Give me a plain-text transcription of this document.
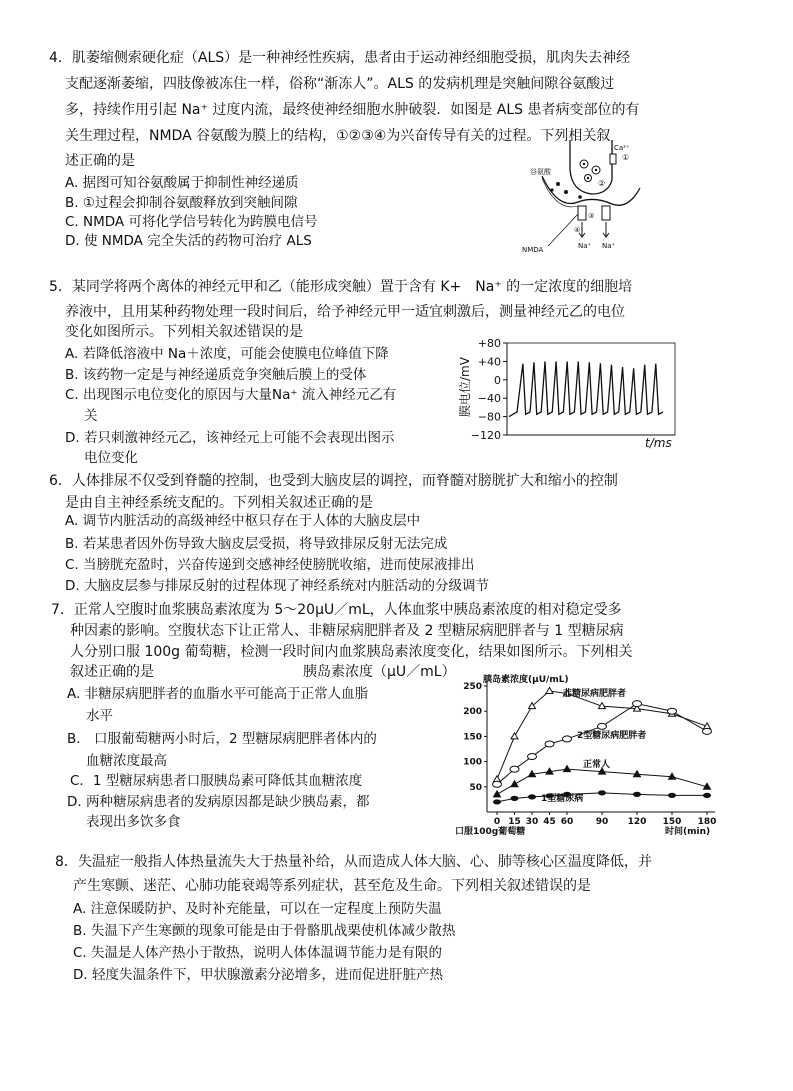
4．肌萎缩侧索硬化症（ALS）是一种神经性疾病，患者由于运动神经细胞受损，肌肉失去神经
支配逐渐萎缩，四肢像被冻住一样，俗称“渐冻人”。ALS 的发病机理是突触间隙谷氨酸过
多，持续作用引起 Na⁺ 过度内流，最终使神经细胞水肿破裂．如图是 ALS 患者病变部位的有
关生理过程，NMDA 谷氨酸为膜上的结构，①②③④为兴奋传导有关的过程。下列相关叙
述正确的是
A. 据图可知谷氨酸属于抑制性神经递质
B. ①过程会抑制谷氨酸释放到突触间隙
C. NMDA 可将化学信号转化为跨膜电信号
D. 使 NMDA 完全失活的药物可治疗 ALS
谷氨酸
Ca²⁺
①
②
③
④
NMDA	Na⁺ Na⁺
5．某同学将两个离体的神经元甲和乙（能形成突触）置于含有 K+　Na⁺ 的一定浓度的细胞培
养液中，且用某种药物处理一段时间后，给予神经元甲一适宜刺激后，测量神经元乙的电位
变化如图所示。下列相关叙述错误的是
A. 若降低溶液中 Na＋浓度，可能会使膜电位峰值下降
B. 该药物一定是与神经递质竞争突触后膜上的受体
C. 出现图示电位变化的原因与大量Na⁺ 流入神经元乙有
关
D. 若只刺激神经元乙，该神经元上可能不会表现出图示
电位变化
+80
+40
0
−40
−80
−120
膜电位/mV
t/ms
6．人体排尿不仅受到脊髓的控制，也受到大脑皮层的调控，而脊髓对膀胱扩大和缩小的控制
是由自主神经系统支配的。下列相关叙述正确的是
A. 调节内脏活动的高级神经中枢只存在于人体的大脑皮层中
B. 若某患者因外伤导致大脑皮层受损，将导致排尿反射无法完成
C. 当膀胱充盈时，兴奋传递到交感神经使膀胱收缩，进而使尿液排出
D. 大脑皮层参与排尿反射的过程体现了神经系统对内脏活动的分级调节
7．正常人空腹时血浆胰岛素浓度为 5～20μU／mL，人体血浆中胰岛素浓度的相对稳定受多
种因素的影响。空腹状态下让正常人、非糖尿病肥胖者及 2 型糖尿病肥胖者与 1 型糖尿病
人分别口服 100g 葡萄糖，检测一段时间内血浆胰岛素浓度变化，结果如图所示。下列相关
叙述正确的是	胰岛素浓度（μU／mL）
A. 非糖尿病肥胖者的血脂水平可能高于正常人血脂
水平
B． 口服葡萄糖两小时后，2 型糖尿病肥胖者体内的
血糖浓度最高
C．1 型糖尿病患者口服胰岛素可降低其血糖浓度
D. 两种糖尿病患者的发病原因都是缺少胰岛素，都
表现出多饮多食
胰岛素浓度(μU/mL)
50
100
150
200
250
0 15 30 45 60 90 120 150 180
口服100g葡萄糖	时间(min)
非糖尿病肥胖者
2型糖尿病肥胖者
正常人
1型糖尿病
8．失温症一般指人体热量流失大于热量补给，从而造成人体大脑、心、肺等核心区温度降低，并
产生寒颤、迷茫、心肺功能衰竭等系列症状，甚至危及生命。下列相关叙述错误的是
A. 注意保暖防护、及时补充能量，可以在一定程度上预防失温
B. 失温下产生寒颤的现象可能是由于骨骼肌战栗使机体减少散热
C. 失温是人体产热小于散热，说明人体体温调节能力是有限的
D. 轻度失温条件下，甲状腺激素分泌增多，进而促进肝脏产热
